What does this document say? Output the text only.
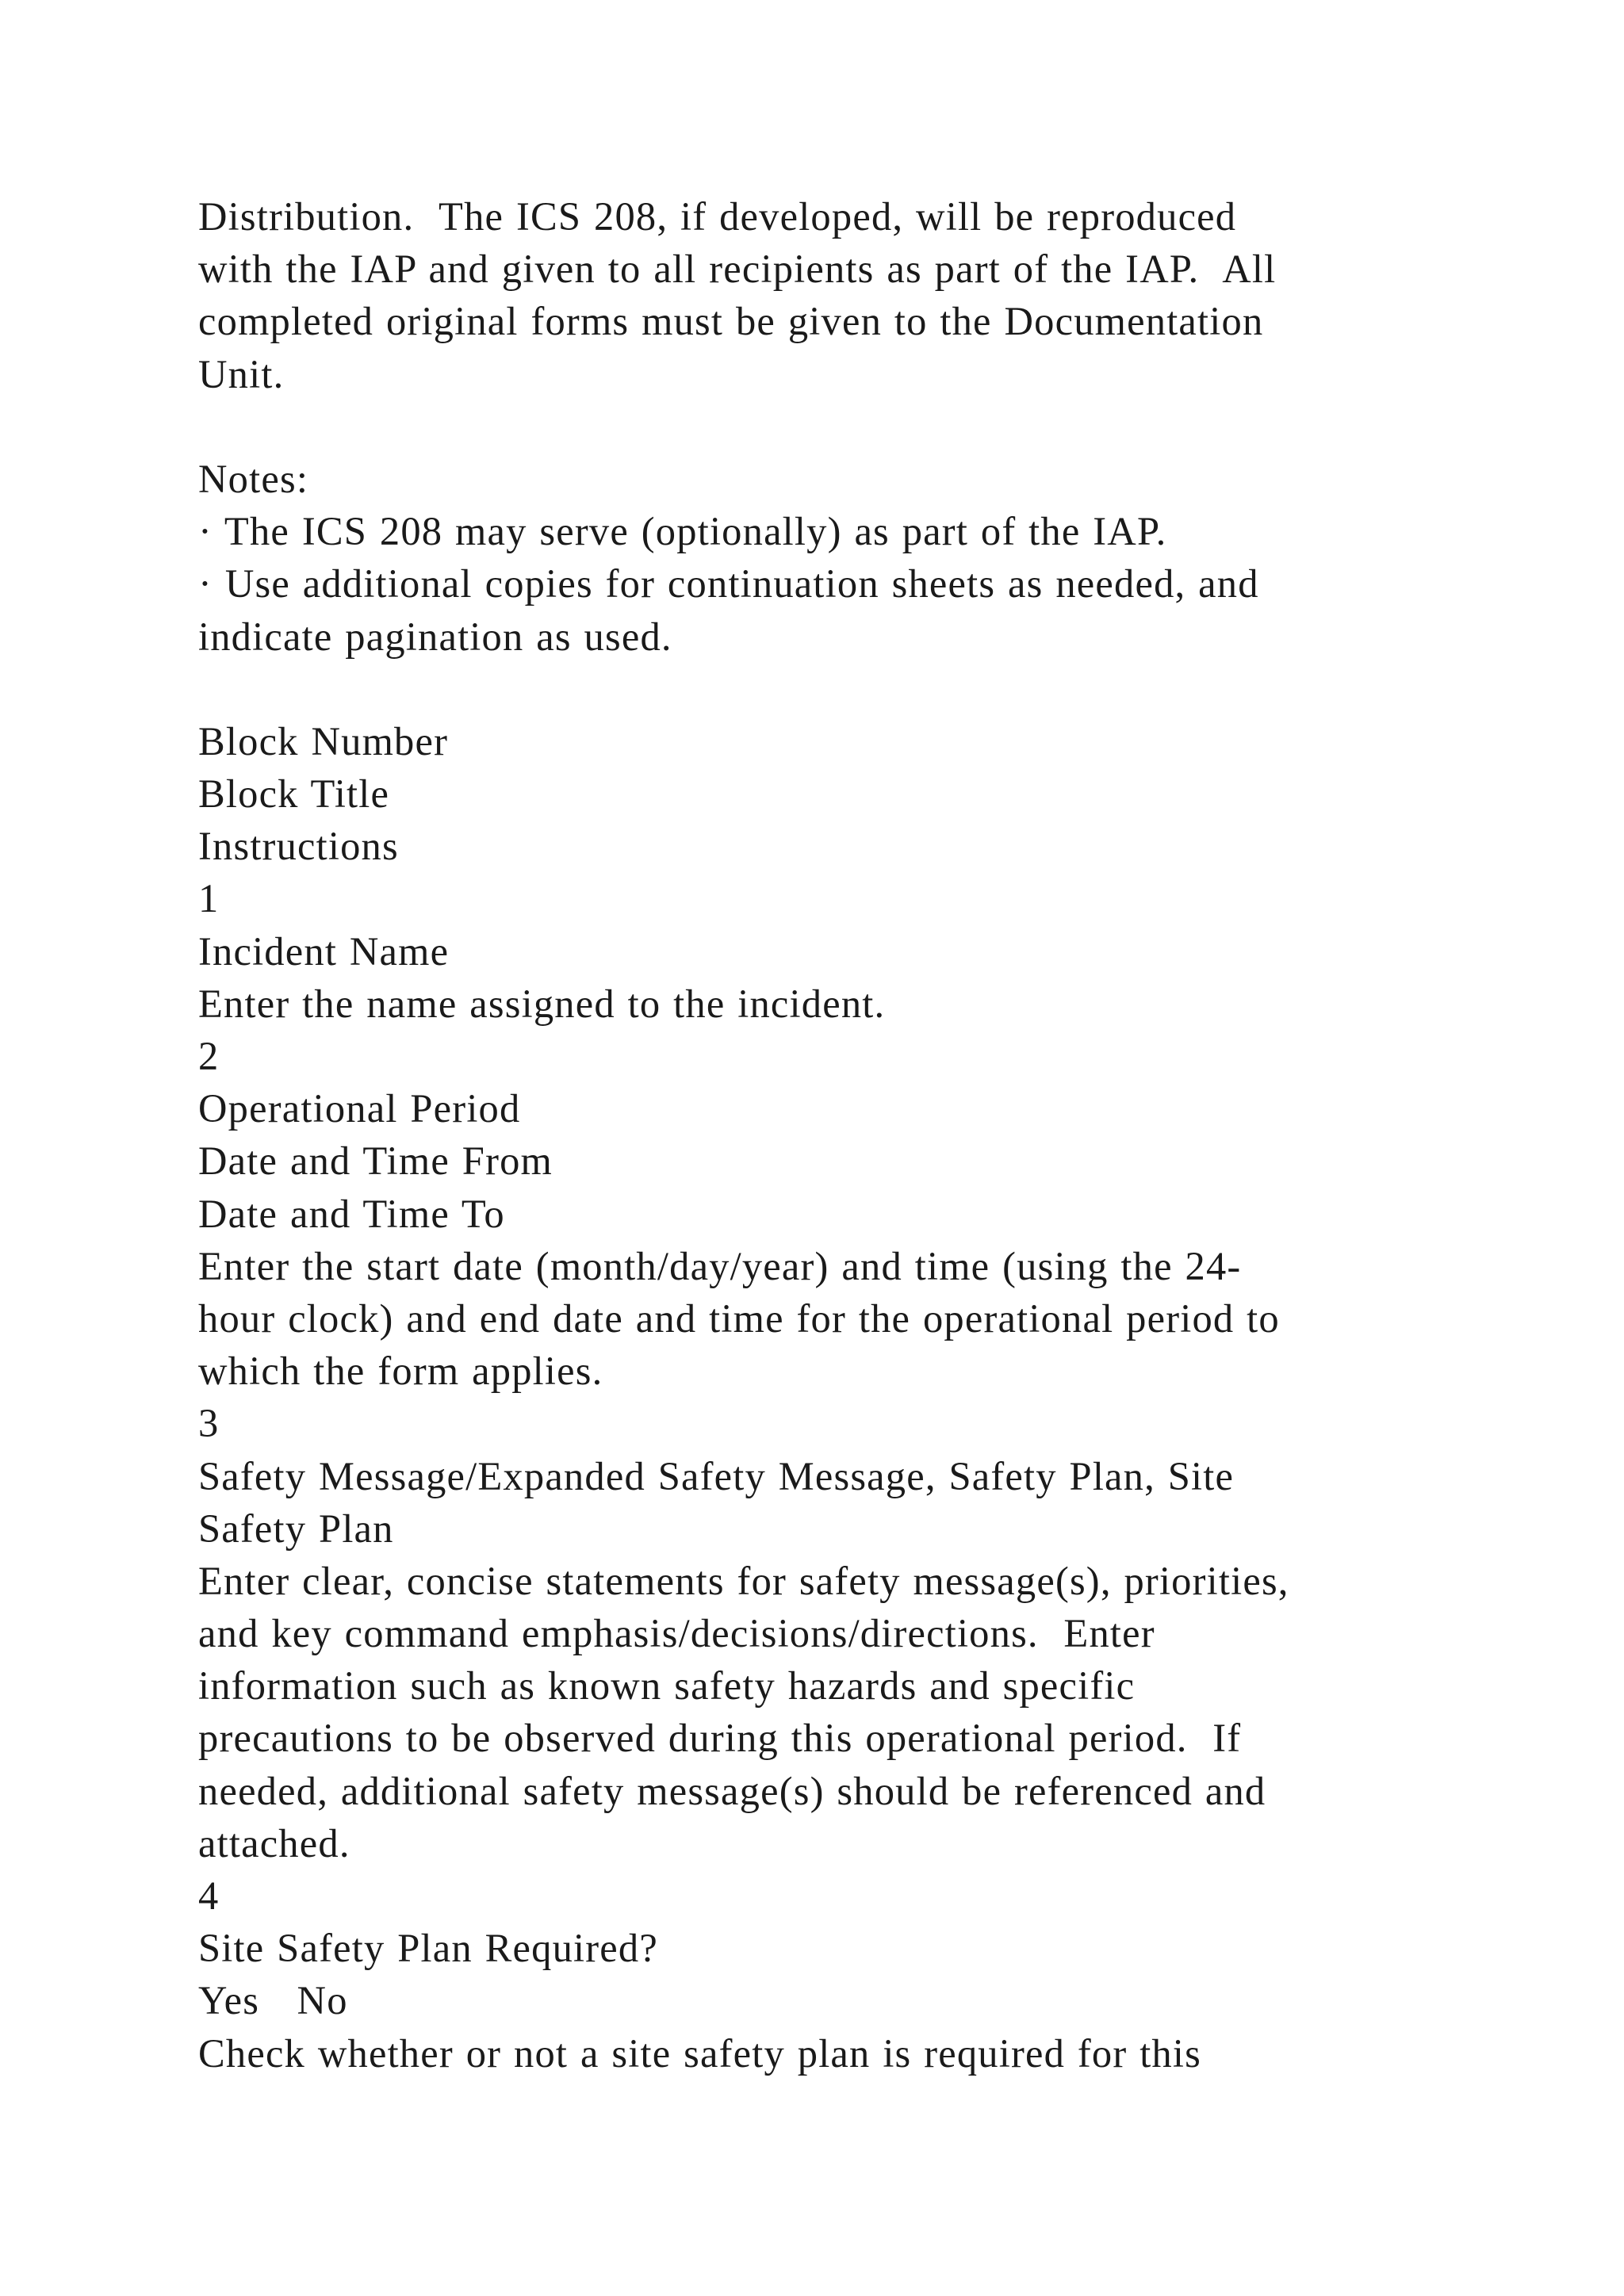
Distribution.  The ICS 208, if developed, will be reproduced
with the IAP and given to all recipients as part of the IAP.  All
completed original forms must be given to the Documentation
Unit.
Notes:
· The ICS 208 may serve (optionally) as part of the IAP.
· Use additional copies for continuation sheets as needed, and
indicate pagination as used.
Block Number
Block Title
Instructions
1
Incident Name
Enter the name assigned to the incident.
2
Operational Period
Date and Time From
Date and Time To
Enter the start date (month/day/year) and time (using the 24-
hour clock) and end date and time for the operational period to
which the form applies.
3
Safety Message/Expanded Safety Message, Safety Plan, Site
Safety Plan
Enter clear, concise statements for safety message(s), priorities,
and key command emphasis/decisions/directions.  Enter
information such as known safety hazards and specific
precautions to be observed during this operational period.  If
needed, additional safety message(s) should be referenced and
attached.
4
Site Safety Plan Required?
Yes   No
Check whether or not a site safety plan is required for this
